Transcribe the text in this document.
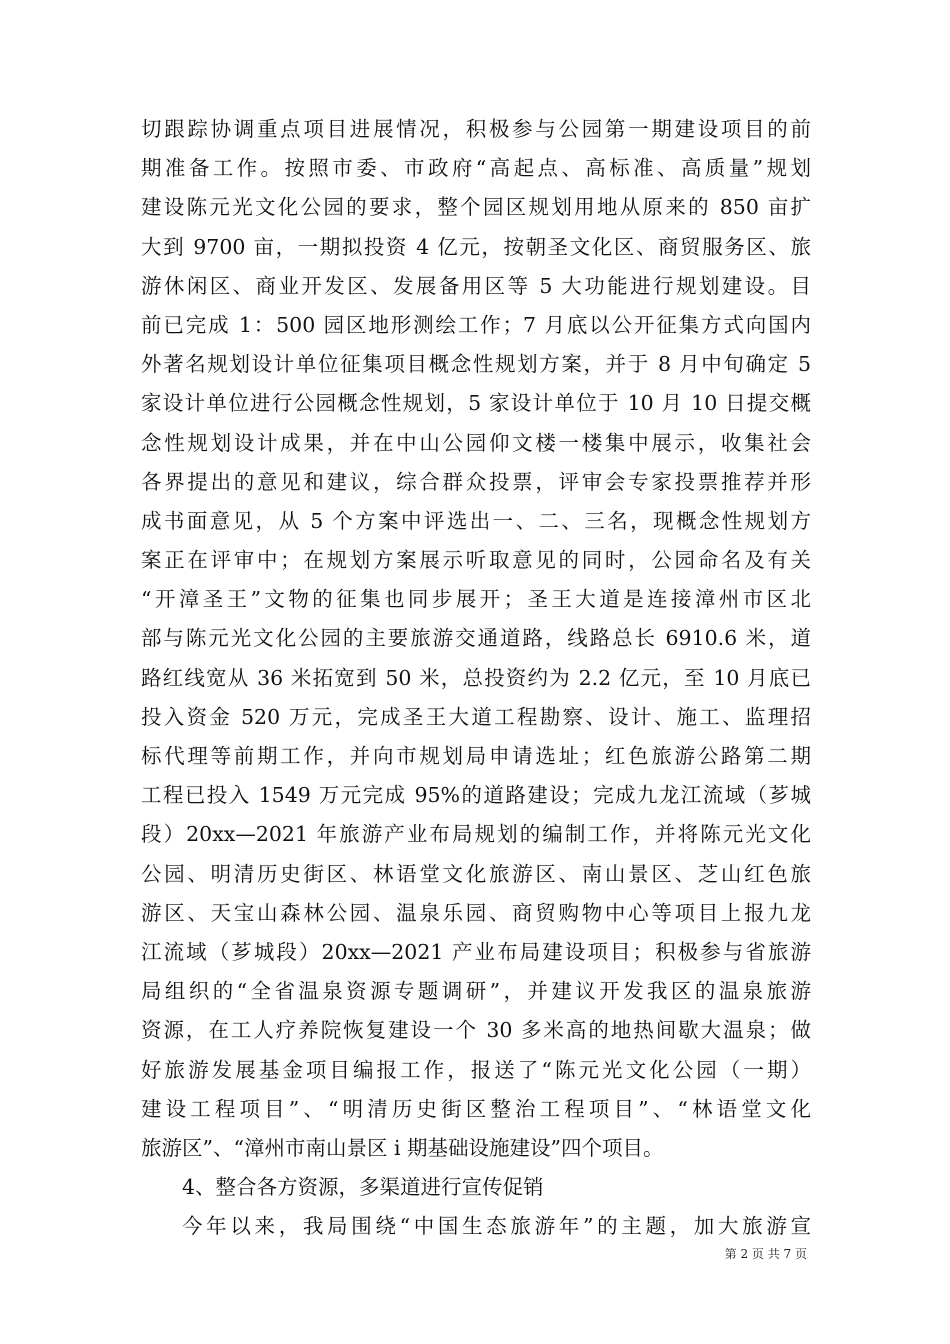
切跟踪协调重点项目进展情况，积极参与公园第一期建设项目的前
期准备工作。按照市委、市政府“高起点、高标准、高质量”规划
建设陈元光文化公园的要求，整个园区规划用地从原来的 850 亩扩
大到 9700 亩，一期拟投资 4 亿元，按朝圣文化区、商贸服务区、旅
游休闲区、商业开发区、发展备用区等 5 大功能进行规划建设。目
前已完成 1：500 园区地形测绘工作；7 月底以公开征集方式向国内
外著名规划设计单位征集项目概念性规划方案，并于 8 月中旬确定 5
家设计单位进行公园概念性规划，5 家设计单位于 10 月 10 日提交概
念性规划设计成果，并在中山公园仰文楼一楼集中展示，收集社会
各界提出的意见和建议，综合群众投票，评审会专家投票推荐并形
成书面意见，从 5 个方案中评选出一、二、三名，现概念性规划方
案正在评审中；在规划方案展示听取意见的同时，公园命名及有关
“开漳圣王”文物的征集也同步展开；圣王大道是连接漳州市区北
部与陈元光文化公园的主要旅游交通道路，线路总长 6910.6 米，道
路红线宽从 36 米拓宽到 50 米，总投资约为 2.2 亿元，至 10 月底已
投入资金 520 万元，完成圣王大道工程勘察、设计、施工、监理招
标代理等前期工作，并向市规划局申请选址；红色旅游公路第二期
工程已投入 1549 万元完成 95%的道路建设；完成九龙江流域（芗城
段）20xx—2021 年旅游产业布局规划的编制工作，并将陈元光文化
公园、明清历史街区、林语堂文化旅游区、南山景区、芝山红色旅
游区、天宝山森林公园、温泉乐园、商贸购物中心等项目上报九龙
江流域（芗城段）20xx—2021 产业布局建设项目；积极参与省旅游
局组织的“全省温泉资源专题调研”，并建议开发我区的温泉旅游
资源，在工人疗养院恢复建设一个 30 多米高的地热间歇大温泉；做
好旅游发展基金项目编报工作，报送了“陈元光文化公园（一期）
建设工程项目”、“明清历史街区整治工程项目”、“林语堂文化
旅游区”、“漳州市南山景区 i 期基础设施建设”四个项目。
4、整合各方资源，多渠道进行宣传促销
今年以来，我局围绕“中国生态旅游年”的主题，加大旅游宣
第 2 页 共 7 页
